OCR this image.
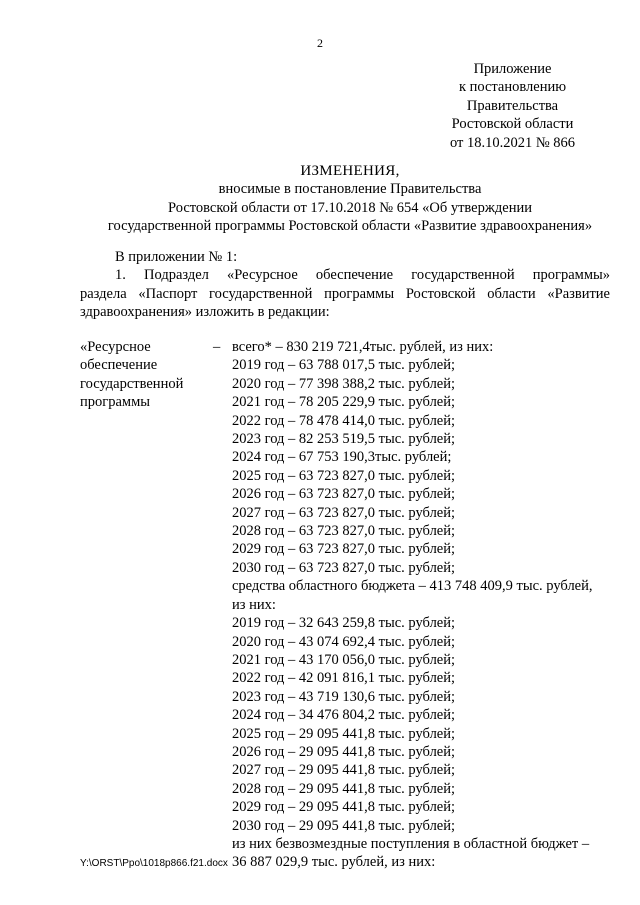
2
Приложение
к постановлению
Правительства
Ростовской области
от 18.10.2021 № 866
ИЗМЕНЕНИЯ,
вносимые в постановление Правительства
Ростовской области от 17.10.2018 № 654 «Об утверждении
государственной программы Ростовской области «Развитие здравоохранения»
В приложении № 1:
1. Подраздел «Ресурсное обеспечение государственной программы»
раздела «Паспорт государственной программы Ростовской области «Развитие
здравоохранения» изложить в редакции:
«Ресурсное
обеспечение
государственной
программы
– всего* – 830 219 721,4тыс. рублей, из них:
2019 год – 63 788 017,5 тыс. рублей;
2020 год – 77 398 388,2 тыс. рублей;
2021 год – 78 205 229,9 тыс. рублей;
2022 год – 78 478 414,0 тыс. рублей;
2023 год – 82 253 519,5 тыс. рублей;
2024 год – 67 753 190,3тыс. рублей;
2025 год – 63 723 827,0 тыс. рублей;
2026 год – 63 723 827,0 тыс. рублей;
2027 год – 63 723 827,0 тыс. рублей;
2028 год – 63 723 827,0 тыс. рублей;
2029 год – 63 723 827,0 тыс. рублей;
2030 год – 63 723 827,0 тыс. рублей;
средства областного бюджета – 413 748 409,9 тыс. рублей,
из них:
2019 год – 32 643 259,8 тыс. рублей;
2020 год – 43 074 692,4 тыс. рублей;
2021 год – 43 170 056,0 тыс. рублей;
2022 год – 42 091 816,1 тыс. рублей;
2023 год – 43 719 130,6 тыс. рублей;
2024 год – 34 476 804,2 тыс. рублей;
2025 год – 29 095 441,8 тыс. рублей;
2026 год – 29 095 441,8 тыс. рублей;
2027 год – 29 095 441,8 тыс. рублей;
2028 год – 29 095 441,8 тыс. рублей;
2029 год – 29 095 441,8 тыс. рублей;
2030 год – 29 095 441,8 тыс. рублей;
из них безвозмездные поступления в областной бюджет –
36 887 029,9 тыс. рублей, из них:
Y:\ORST\Ppo\1018p866.f21.docx
